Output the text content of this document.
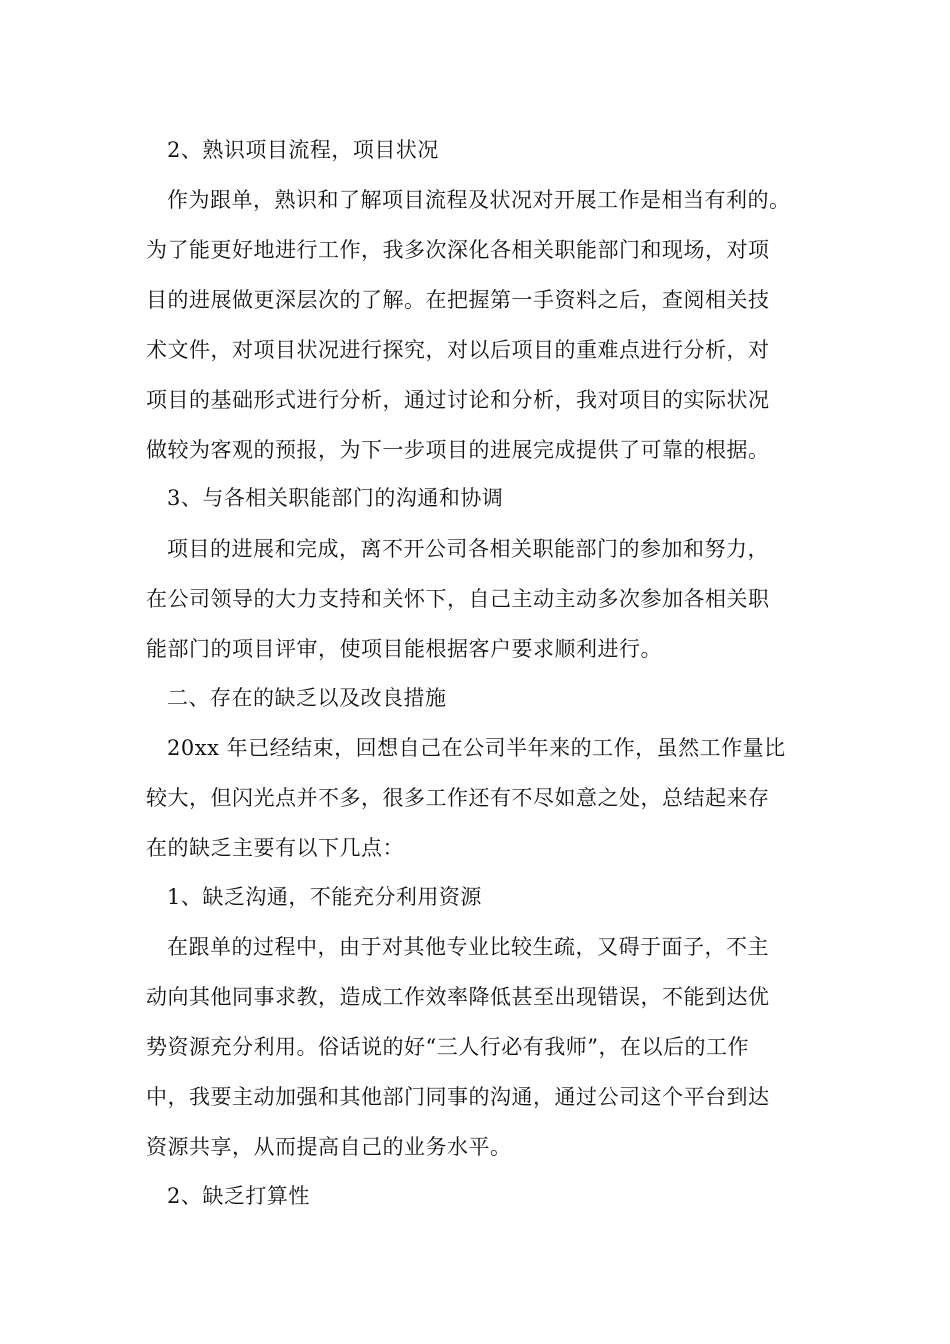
2、熟识项目流程，项目状况
作为跟单，熟识和了解项目流程及状况对开展工作是相当有利的。
为了能更好地进行工作，我多次深化各相关职能部门和现场，对项
目的进展做更深层次的了解。在把握第一手资料之后，查阅相关技
术文件，对项目状况进行探究，对以后项目的重难点进行分析，对
项目的基础形式进行分析，通过讨论和分析，我对项目的实际状况
做较为客观的预报，为下一步项目的进展完成提供了可靠的根据。
3、与各相关职能部门的沟通和协调
项目的进展和完成，离不开公司各相关职能部门的参加和努力，
在公司领导的大力支持和关怀下，自己主动主动多次参加各相关职
能部门的项目评审，使项目能根据客户要求顺利进行。
二、存在的缺乏以及改良措施
20xx 年已经结束，回想自己在公司半年来的工作，虽然工作量比
较大，但闪光点并不多，很多工作还有不尽如意之处，总结起来存
在的缺乏主要有以下几点：
1、缺乏沟通，不能充分利用资源
在跟单的过程中，由于对其他专业比较生疏，又碍于面子，不主
动向其他同事求教，造成工作效率降低甚至出现错误，不能到达优
势资源充分利用。俗话说的好“三人行必有我师”，在以后的工作
中，我要主动加强和其他部门同事的沟通，通过公司这个平台到达
资源共享，从而提高自己的业务水平。
2、缺乏打算性
